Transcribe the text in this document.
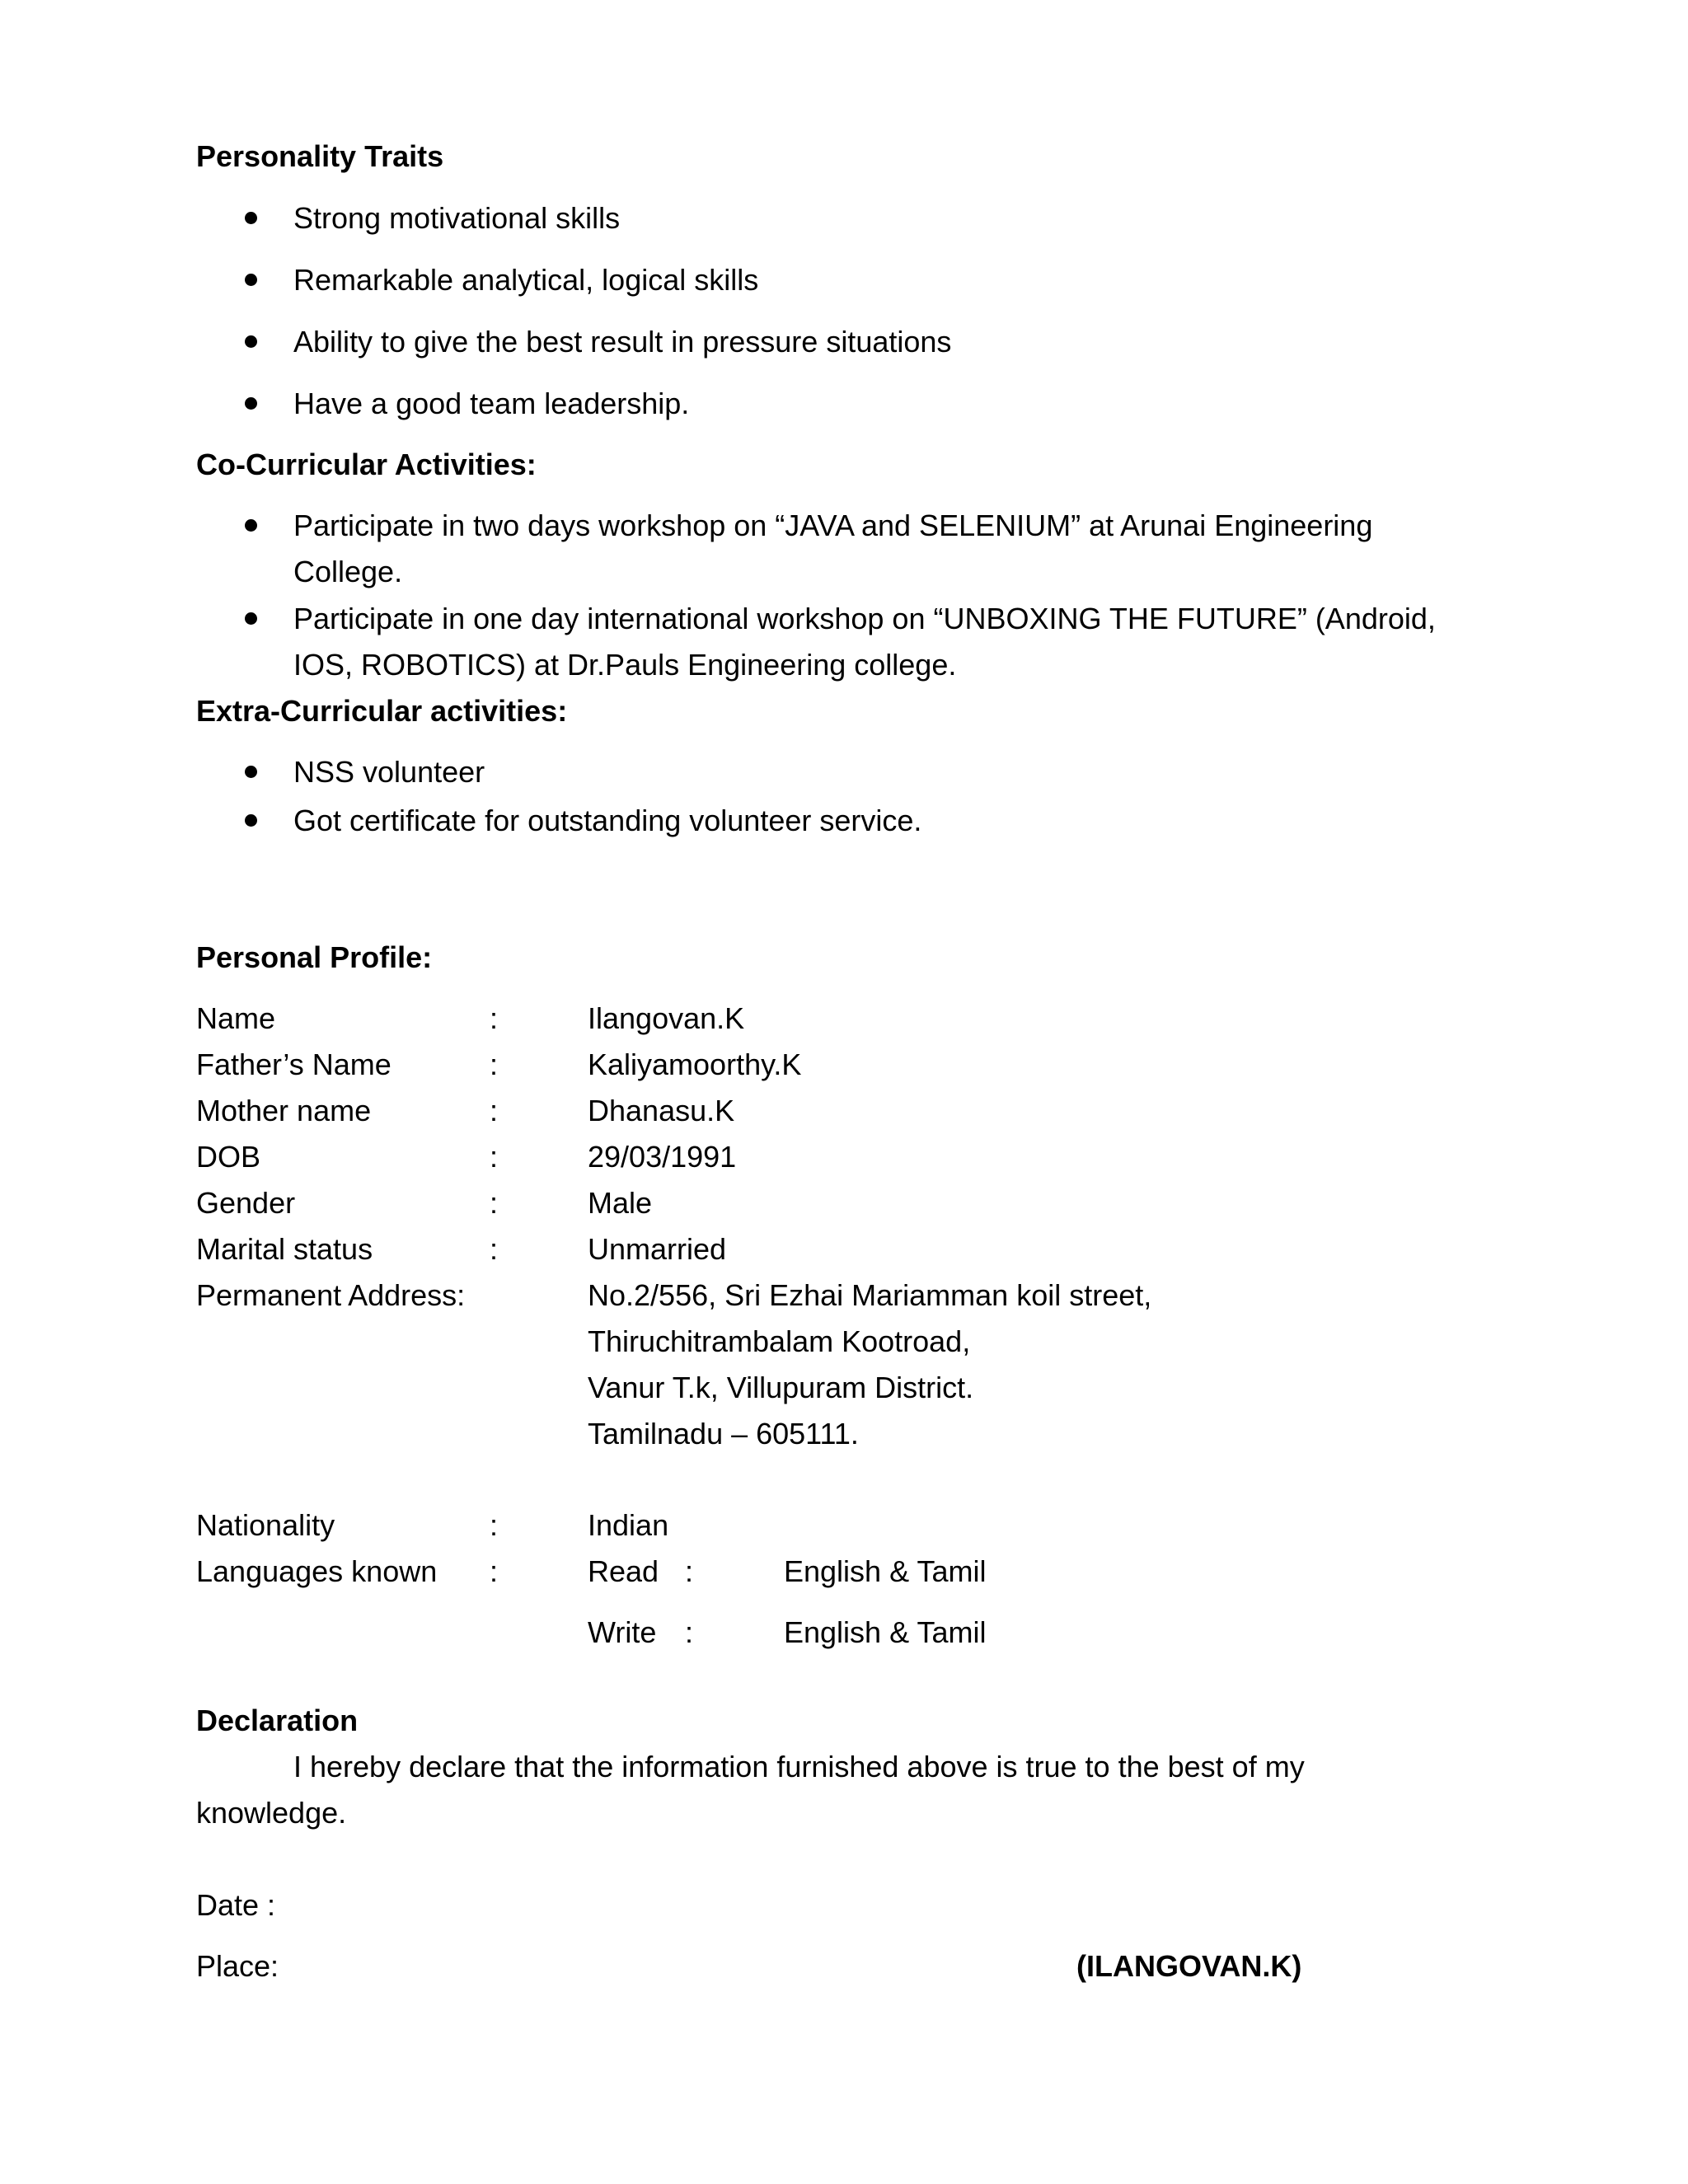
Personality Traits
Strong motivational skills
Remarkable analytical, logical skills
Ability to give the best result in pressure situations
Have a good team leadership.
Co-Curricular Activities:
Participate in two days workshop on “JAVA and SELENIUM” at Arunai Engineering
College.
Participate in one day international workshop on “UNBOXING THE FUTURE” (Android,
IOS, ROBOTICS) at Dr.Pauls Engineering college.
Extra-Curricular activities:
NSS volunteer
Got certificate for outstanding volunteer service.
Personal Profile:
Name	:	Ilangovan.K
Father’s Name	:	Kaliyamoorthy.K
Mother name	:	Dhanasu.K
DOB	:	29/03/1991
Gender	:	Male
Marital status	:	Unmarried
Permanent Address:	No.2/556, Sri Ezhai Mariamman koil street,
Thiruchitrambalam Kootroad,
Vanur T.k, Villupuram District.
Tamilnadu – 605111.
Nationality	:	Indian
Languages known :	Read :	English & Tamil
Write :	English & Tamil
Declaration
I hereby declare that the information furnished above is true to the best of my
knowledge.
Date :
Place:	(ILANGOVAN.K)
